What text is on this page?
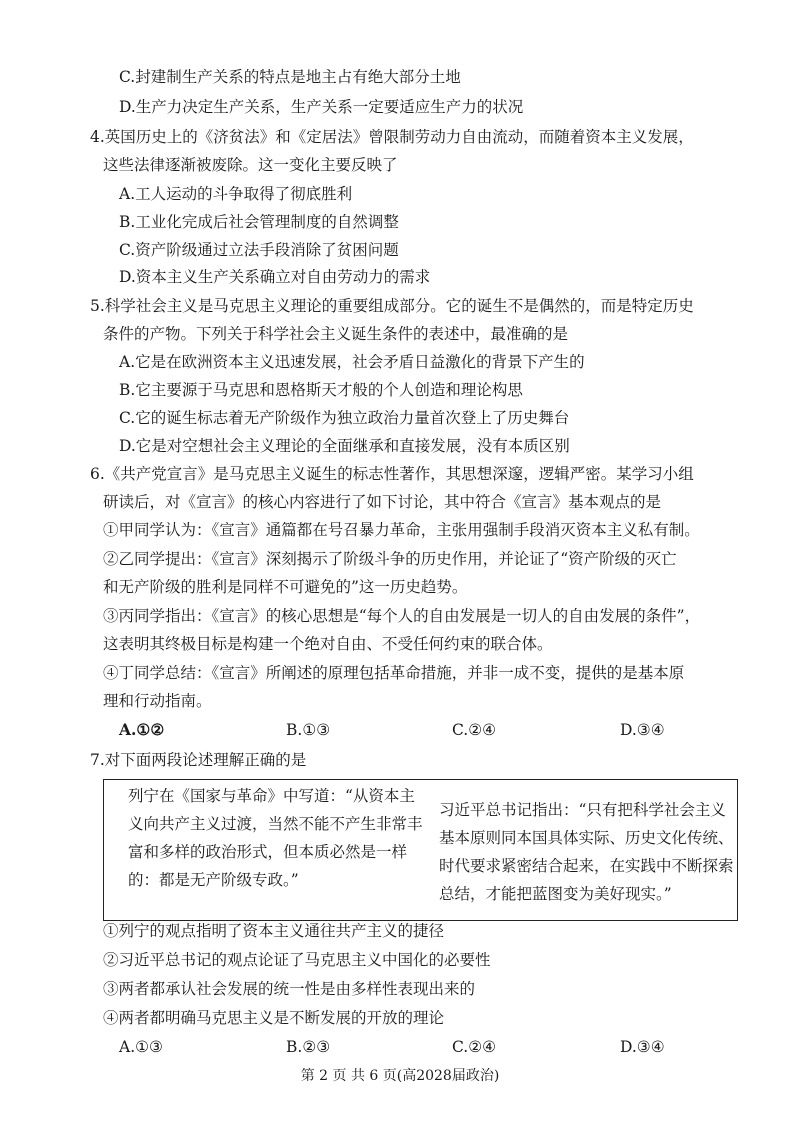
C.封建制生产关系的特点是地主占有绝大部分土地
D.生产力决定生产关系，生产关系一定要适应生产力的状况
4.英国历史上的《济贫法》和《定居法》曾限制劳动力自由流动，而随着资本主义发展，
这些法律逐渐被废除。这一变化主要反映了
A.工人运动的斗争取得了彻底胜利
B.工业化完成后社会管理制度的自然调整
C.资产阶级通过立法手段消除了贫困问题
D.资本主义生产关系确立对自由劳动力的需求
5.科学社会主义是马克思主义理论的重要组成部分。它的诞生不是偶然的，而是特定历史
条件的产物。下列关于科学社会主义诞生条件的表述中，最准确的是
A.它是在欧洲资本主义迅速发展，社会矛盾日益激化的背景下产生的
B.它主要源于马克思和恩格斯天才般的个人创造和理论构思
C.它的诞生标志着无产阶级作为独立政治力量首次登上了历史舞台
D.它是对空想社会主义理论的全面继承和直接发展，没有本质区别
6.《共产党宣言》是马克思主义诞生的标志性著作，其思想深邃，逻辑严密。某学习小组
研读后，对《宣言》的核心内容进行了如下讨论，其中符合《宣言》基本观点的是
①甲同学认为：《宣言》通篇都在号召暴力革命，主张用强制手段消灭资本主义私有制。
②乙同学提出：《宣言》深刻揭示了阶级斗争的历史作用，并论证了“资产阶级的灭亡
和无产阶级的胜利是同样不可避免的”这一历史趋势。
③丙同学指出：《宣言》的核心思想是“每个人的自由发展是一切人的自由发展的条件”，
这表明其终极目标是构建一个绝对自由、不受任何约束的联合体。
④丁同学总结：《宣言》所阐述的原理包括革命措施，并非一成不变，提供的是基本原
理和行动指南。
A.①②	B.①③	C.②④	D.③④
7.对下面两段论述理解正确的是
列宁在《国家与革命》中写道：“从资本主义向共产主义过渡，当然不能不产生非常丰富和多样的政治形式，但本质必然是一样的：都是无产阶级专政。”
习近平总书记指出：“只有把科学社会主义基本原则同本国具体实际、历史文化传统、时代要求紧密结合起来，在实践中不断探索总结，才能把蓝图变为美好现实。”
①列宁的观点指明了资本主义通往共产主义的捷径
②习近平总书记的观点论证了马克思主义中国化的必要性
③两者都承认社会发展的统一性是由多样性表现出来的
④两者都明确马克思主义是不断发展的开放的理论
A.①③	B.②③	C.②④	D.③④
第 2 页 共 6 页(高2028届政治)
